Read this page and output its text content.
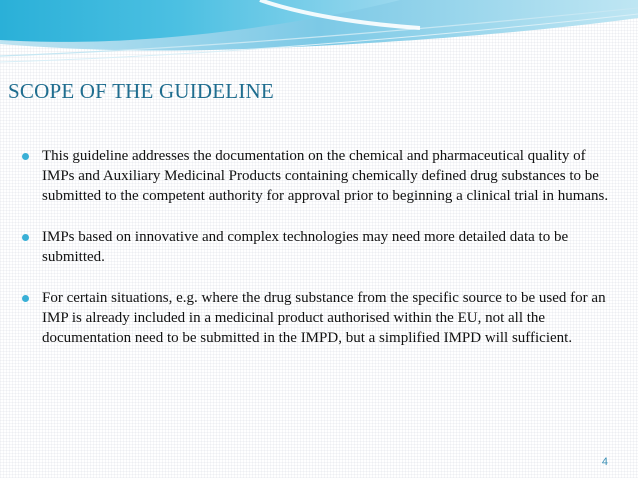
SCOPE OF THE GUIDELINE
This guideline addresses the documentation on the chemical and pharmaceutical quality of IMPs and Auxiliary Medicinal Products containing chemically defined drug substances to be submitted to the competent authority for approval prior to beginning a clinical trial in humans.
IMPs based on innovative and complex technologies may need more detailed data to be submitted.
For certain situations, e.g. where the drug substance from the specific source to be used for an IMP is already included in a medicinal product authorised within the EU, not all the documentation need to be submitted in the IMPD, but a simplified IMPD will sufficient.
4
